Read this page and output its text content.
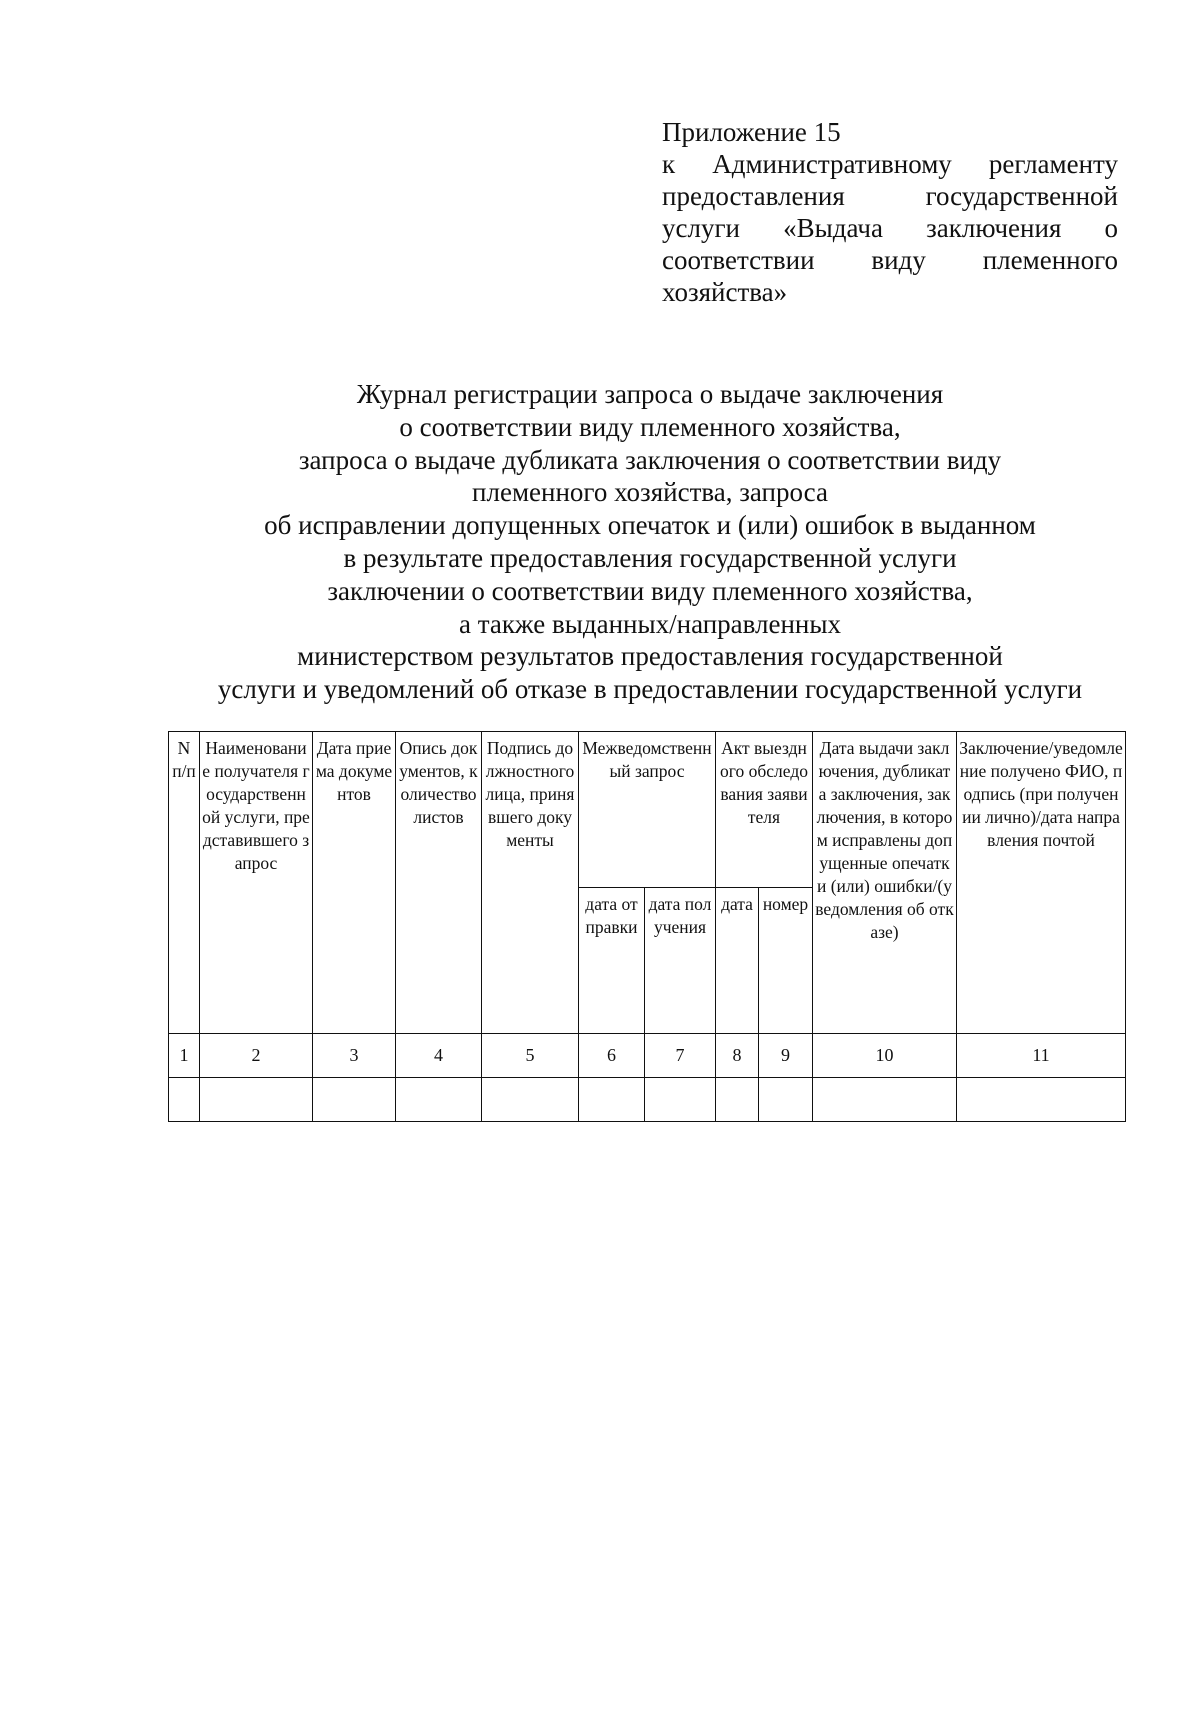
Приложение 15
к Административному регламенту предоставления государственной услуги «Выдача заключения о соответствии виду племенного хозяйства»
Журнал регистрации запроса о выдаче заключения
о соответствии виду племенного хозяйства,
запроса о выдаче дубликата заключения о соответствии виду
племенного хозяйства, запроса
об исправлении допущенных опечаток и (или) ошибок в выданном
в результате предоставления государственной услуги
заключении о соответствии виду племенного хозяйства,
а также выданных/направленных
министерством результатов предоставления государственной
услуги и уведомлений об отказе в предоставлении государственной услуги
N п/п	Наименование получателя государственной услуги, представившего запрос	Дата приема документов	Опись документов, количество листов	Подпись должностного лица, принявшего документы	Межведомственный запрос		Акт выездного обследования заявителя		Дата выдачи заключения, дубликата заключения, заключения, в котором исправлены допущенные опечатки (или) ошибки/(уведомления об отказе)	Заключение/уведомление получено ФИО, подпись (при получении лично)/дата направления почтой
					дата отправки	дата получения	дата	номер		
1	2	3	4	5	6	7	8	9	10	11
